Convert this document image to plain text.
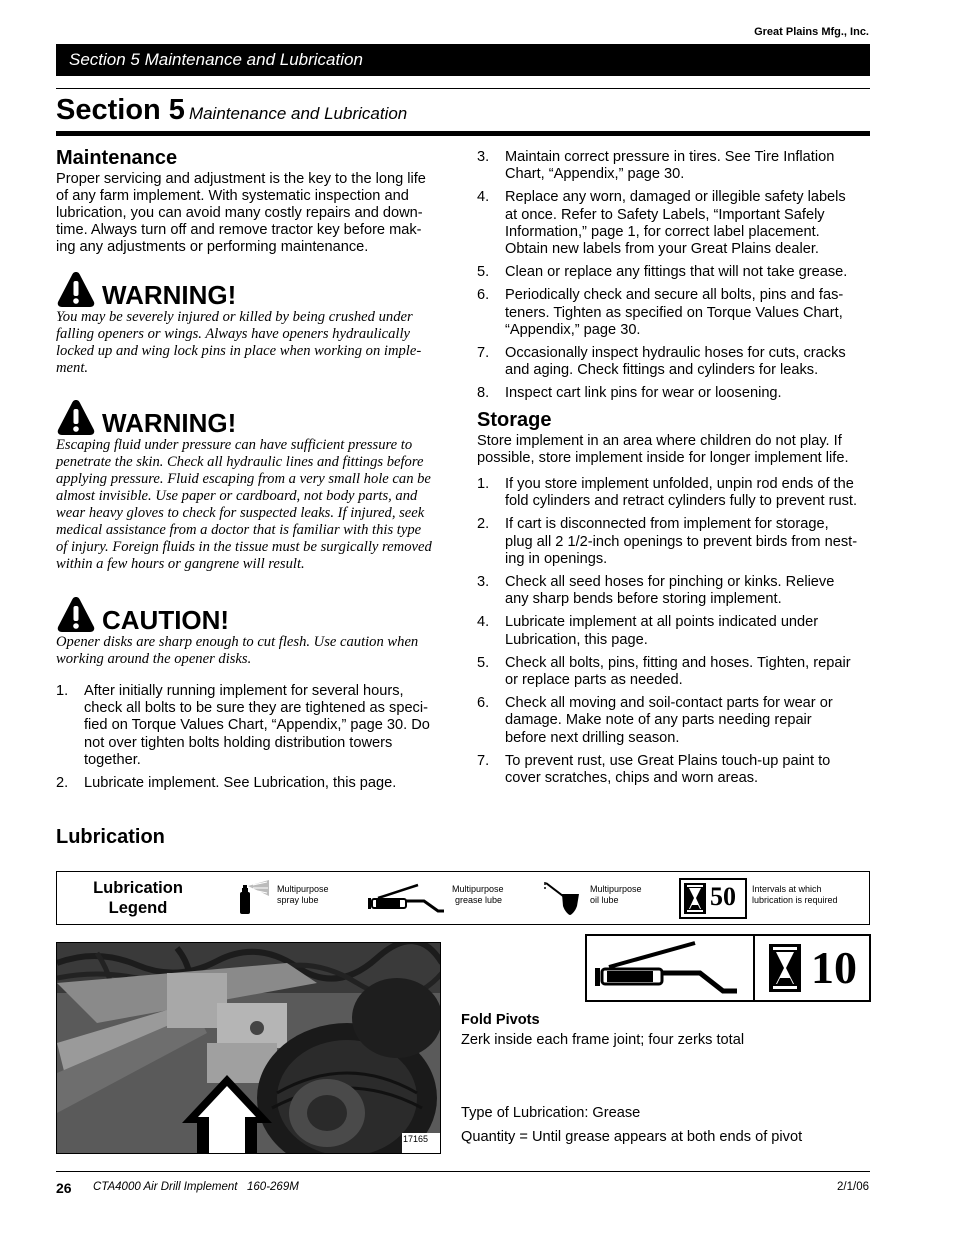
Great Plains Mfg., Inc.
Section 5 Maintenance and Lubrication
Section 5 Maintenance and Lubrication
Maintenance
Proper servicing and adjustment is the key to the long life
of any farm implement. With systematic inspection and
lubrication, you can avoid many costly repairs and down-
time. Always turn off and remove tractor key before mak-
ing any adjustments or performing maintenance.
WARNING!
You may be severely injured or killed by being crushed under
falling openers or wings. Always have openers hydraulically
locked up and wing lock pins in place when working on imple-
ment.
WARNING!
Escaping fluid under pressure can have sufficient pressure to
penetrate the skin. Check all hydraulic lines and fittings before
applying pressure. Fluid escaping from a very small hole can be
almost invisible. Use paper or cardboard, not body parts, and
wear heavy gloves to check for suspected leaks. If injured, seek
medical assistance from a doctor that is familiar with this type
of injury. Foreign fluids in the tissue must be surgically removed
within a few hours or gangrene will result.
CAUTION!
Opener disks are sharp enough to cut flesh. Use caution when
working around the opener disks.
1. After initially running implement for several hours,
check all bolts to be sure they are tightened as speci-
fied on Torque Values Chart, “Appendix,” page 30. Do
not over tighten bolts holding distribution towers
together.
2. Lubricate implement. See Lubrication, this page.
3. Maintain correct pressure in tires. See Tire Inflation
Chart, “Appendix,” page 30.
4. Replace any worn, damaged or illegible safety labels
at once. Refer to Safety Labels, “Important Safely
Information,” page 1, for correct label placement.
Obtain new labels from your Great Plains dealer.
5. Clean or replace any fittings that will not take grease.
6. Periodically check and secure all bolts, pins and fas-
teners. Tighten as specified on Torque Values Chart,
“Appendix,” page 30.
7. Occasionally inspect hydraulic hoses for cuts, cracks
and aging. Check fittings and cylinders for leaks.
8. Inspect cart link pins for wear or loosening.
Storage
Store implement in an area where children do not play. If
possible, store implement inside for longer implement life.
1. If you store implement unfolded, unpin rod ends of the
fold cylinders and retract cylinders fully to prevent rust.
2. If cart is disconnected from implement for storage,
plug all 2 1/2-inch openings to prevent birds from nest-
ing in openings.
3. Check all seed hoses for pinching or kinks. Relieve
any sharp bends before storing implement.
4. Lubricate implement at all points indicated under
Lubrication, this page.
5. Check all bolts, pins, fitting and hoses. Tighten, repair
or replace parts as needed.
6. Check all moving and soil-contact parts for wear or
damage. Make note of any parts needing repair
before next drilling season.
7. To prevent rust, use Great Plains touch-up paint to
cover scratches, chips and worn areas.
Lubrication
Lubrication
Legend
Multipurpose
spray lube
Multipurpose
grease lube
Multipurpose
oil lube	50 Intervals at which
lubrication is required
17165
10
Fold Pivots
Zerk inside each frame joint; four zerks total
Type of Lubrication: Grease
Quantity = Until grease appears at both ends of pivot
26 CTA4000 Air Drill Implement   160-269M	2/1/06
